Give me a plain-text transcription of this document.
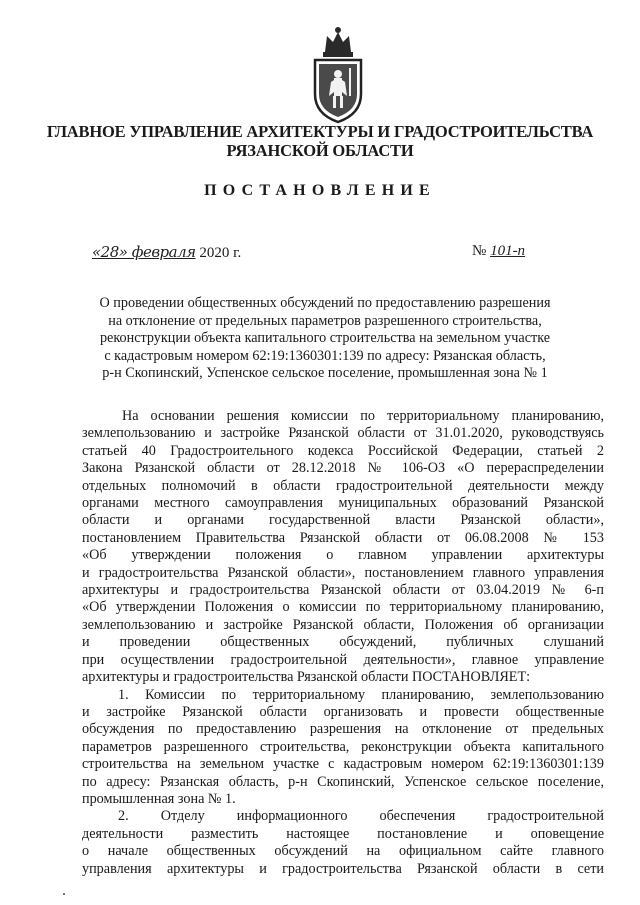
ГЛАВНОЕ УПРАВЛЕНИЕ АРХИТЕКТУРЫ И ГРАДОСТРОИТЕЛЬСТВА
РЯЗАНСКОЙ ОБЛАСТИ
ПОСТАНОВЛЕНИЕ
«28» февраля 2020 г.	№ 101-п
О проведении общественных обсуждений по предоставлению разрешения
на отклонение от предельных параметров разрешенного строительства,
реконструкции объекта капитального строительства на земельном участке
с кадастровым номером 62:19:1360301:139 по адресу: Рязанская область,
р-н Скопинский, Успенское сельское поселение, промышленная зона № 1
На основании решения комиссии по территориальному планированию,
землепользованию и застройке Рязанской области от 31.01.2020, руководствуясь
статьей 40 Градостроительного кодекса Российской Федерации, статьей 2
Закона Рязанской области от 28.12.2018 № 106-ОЗ «О перераспределении
отдельных полномочий в области градостроительной деятельности между
органами местного самоуправления муниципальных образований Рязанской
области и органами государственной власти Рязанской области»,
постановлением Правительства Рязанской области от 06.08.2008 № 153
«Об утверждении положения о главном управлении архитектуры
и градостроительства Рязанской области», постановлением главного управления
архитектуры и градостроительства Рязанской области от 03.04.2019 № 6-п
«Об утверждении Положения о комиссии по территориальному планированию,
землепользованию и застройке Рязанской области, Положения об организации
и проведении общественных обсуждений, публичных слушаний
при осуществлении градостроительной деятельности», главное управление
архитектуры и градостроительства Рязанской области ПОСТАНОВЛЯЕТ:
1. Комиссии по территориальному планированию, землепользованию
и застройке Рязанской области организовать и провести общественные
обсуждения по предоставлению разрешения на отклонение от предельных
параметров разрешенного строительства, реконструкции объекта капитального
строительства на земельном участке с кадастровым номером 62:19:1360301:139
по адресу: Рязанская область, р-н Скопинский, Успенское сельское поселение,
промышленная зона № 1.
2. Отделу информационного обеспечения градостроительной
деятельности разместить настоящее постановление и оповещение
о начале общественных обсуждений на официальном сайте главного
управления архитектуры и градостроительства Рязанской области в сети
